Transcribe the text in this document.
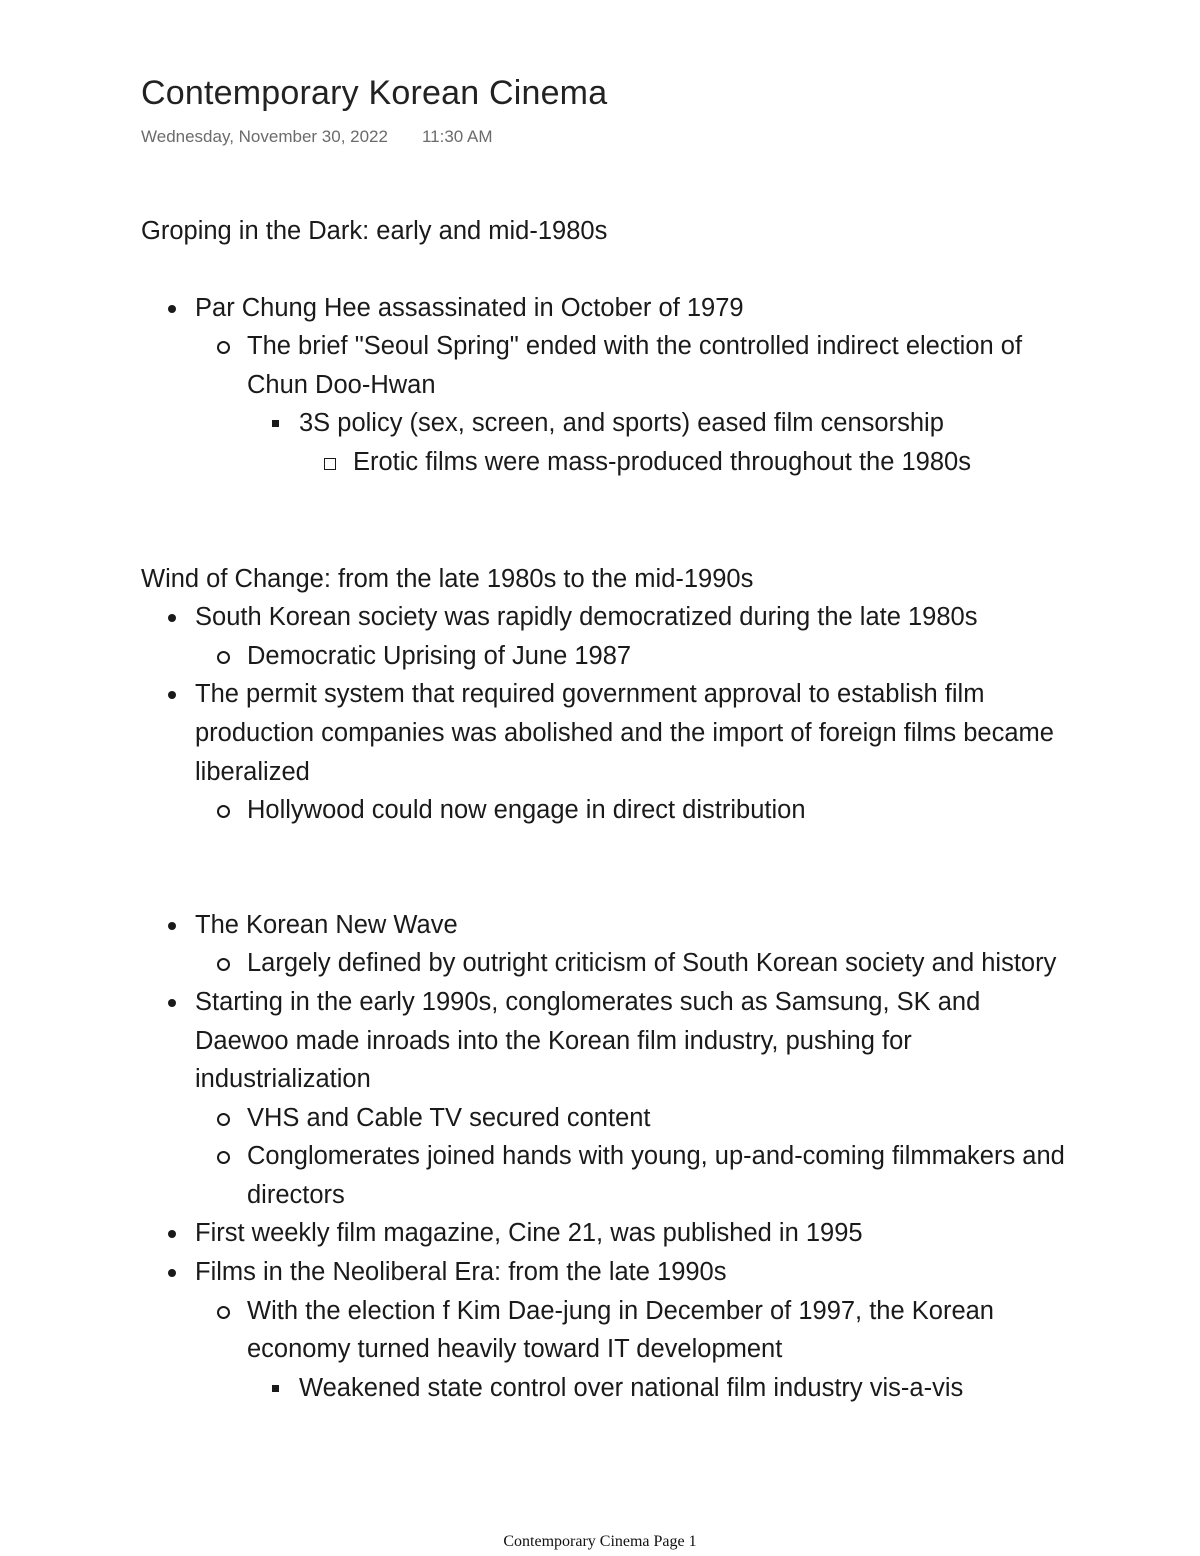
Contemporary Korean Cinema
Wednesday, November 30, 2022 11:30 AM

Groping in the Dark: early and mid-1980s

Par Chung Hee assassinated in October of 1979
The brief "Seoul Spring" ended with the controlled indirect election of Chun Doo-Hwan
3S policy (sex, screen, and sports) eased film censorship
Erotic films were mass-produced throughout the 1980s

Wind of Change: from the late 1980s to the mid-1990s

South Korean society was rapidly democratized during the late 1980s
Democratic Uprising of June 1987
The permit system that required government approval to establish film production companies was abolished and the import of foreign films became liberalized
Hollywood could now engage in direct distribution
The Korean New Wave
Largely defined by outright criticism of South Korean society and history
Starting in the early 1990s, conglomerates such as Samsung, SK and Daewoo made inroads into the Korean film industry, pushing for industrialization
VHS and Cable TV secured content
Conglomerates joined hands with young, up-and-coming filmmakers and directors
First weekly film magazine, Cine 21, was published in 1995
Films in the Neoliberal Era: from the late 1990s
With the election f Kim Dae-jung in December of 1997, the Korean economy turned heavily toward IT development
Weakened state control over national film industry vis-a-vis
Contemporary Cinema Page 1
